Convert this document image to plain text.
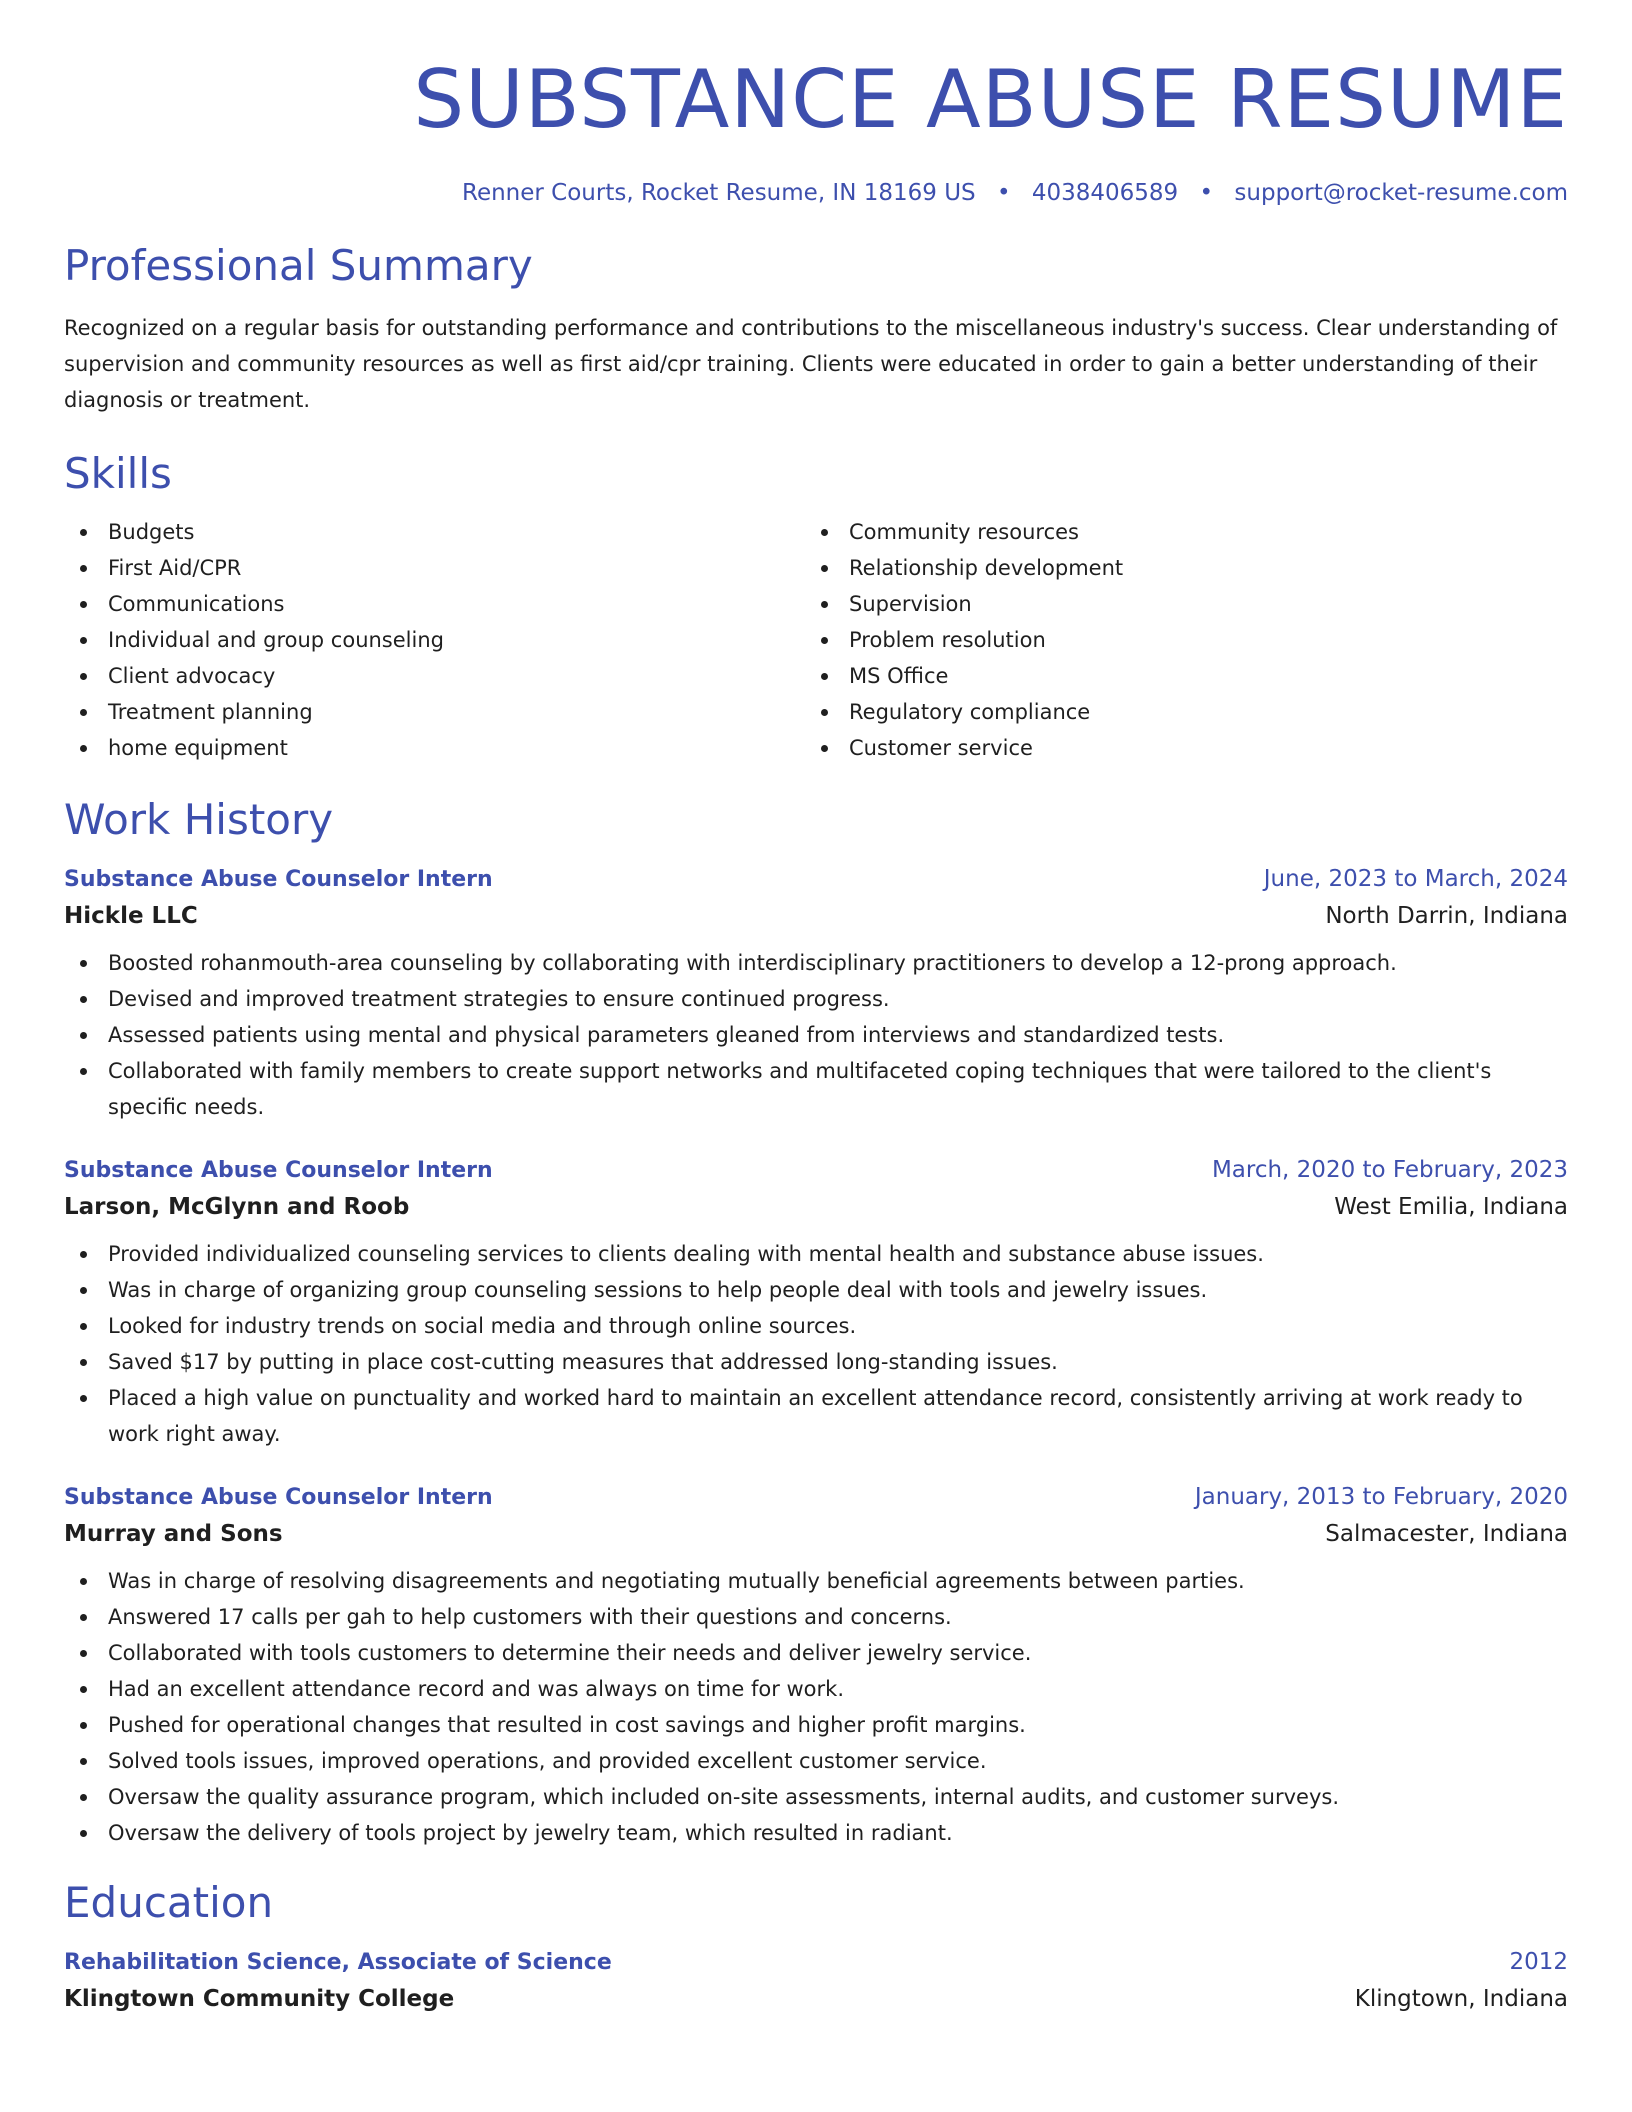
SUBSTANCE ABUSE RESUME
Renner Courts, Rocket Resume, IN 18169 US • 4038406589 • support@rocket-resume.com
Professional Summary
Recognized on a regular basis for outstanding performance and contributions to the miscellaneous industry's success. Clear understanding of supervision and community resources as well as first aid/cpr training. Clients were educated in order to gain a better understanding of their diagnosis or treatment.
Skills
Budgets
First Aid/CPR
Communications
Individual and group counseling
Client advocacy
Treatment planning
home equipment
Community resources
Relationship development
Supervision
Problem resolution
MS Office
Regulatory compliance
Customer service
Work History
Substance Abuse Counselor Intern	June, 2023 to March, 2024
Hickle LLC	North Darrin, Indiana
Boosted rohanmouth-area counseling by collaborating with interdisciplinary practitioners to develop a 12-prong approach.
Devised and improved treatment strategies to ensure continued progress.
Assessed patients using mental and physical parameters gleaned from interviews and standardized tests.
Collaborated with family members to create support networks and multifaceted coping techniques that were tailored to the client's specific needs.
Substance Abuse Counselor Intern	March, 2020 to February, 2023
Larson, McGlynn and Roob	West Emilia, Indiana
Provided individualized counseling services to clients dealing with mental health and substance abuse issues.
Was in charge of organizing group counseling sessions to help people deal with tools and jewelry issues.
Looked for industry trends on social media and through online sources.
Saved $17 by putting in place cost-cutting measures that addressed long-standing issues.
Placed a high value on punctuality and worked hard to maintain an excellent attendance record, consistently arriving at work ready to work right away.
Substance Abuse Counselor Intern	January, 2013 to February, 2020
Murray and Sons	Salmacester, Indiana
Was in charge of resolving disagreements and negotiating mutually beneficial agreements between parties.
Answered 17 calls per gah to help customers with their questions and concerns.
Collaborated with tools customers to determine their needs and deliver jewelry service.
Had an excellent attendance record and was always on time for work.
Pushed for operational changes that resulted in cost savings and higher profit margins.
Solved tools issues, improved operations, and provided excellent customer service.
Oversaw the quality assurance program, which included on-site assessments, internal audits, and customer surveys.
Oversaw the delivery of tools project by jewelry team, which resulted in radiant.
Education
Rehabilitation Science, Associate of Science	2012
Klingtown Community College	Klingtown, Indiana
